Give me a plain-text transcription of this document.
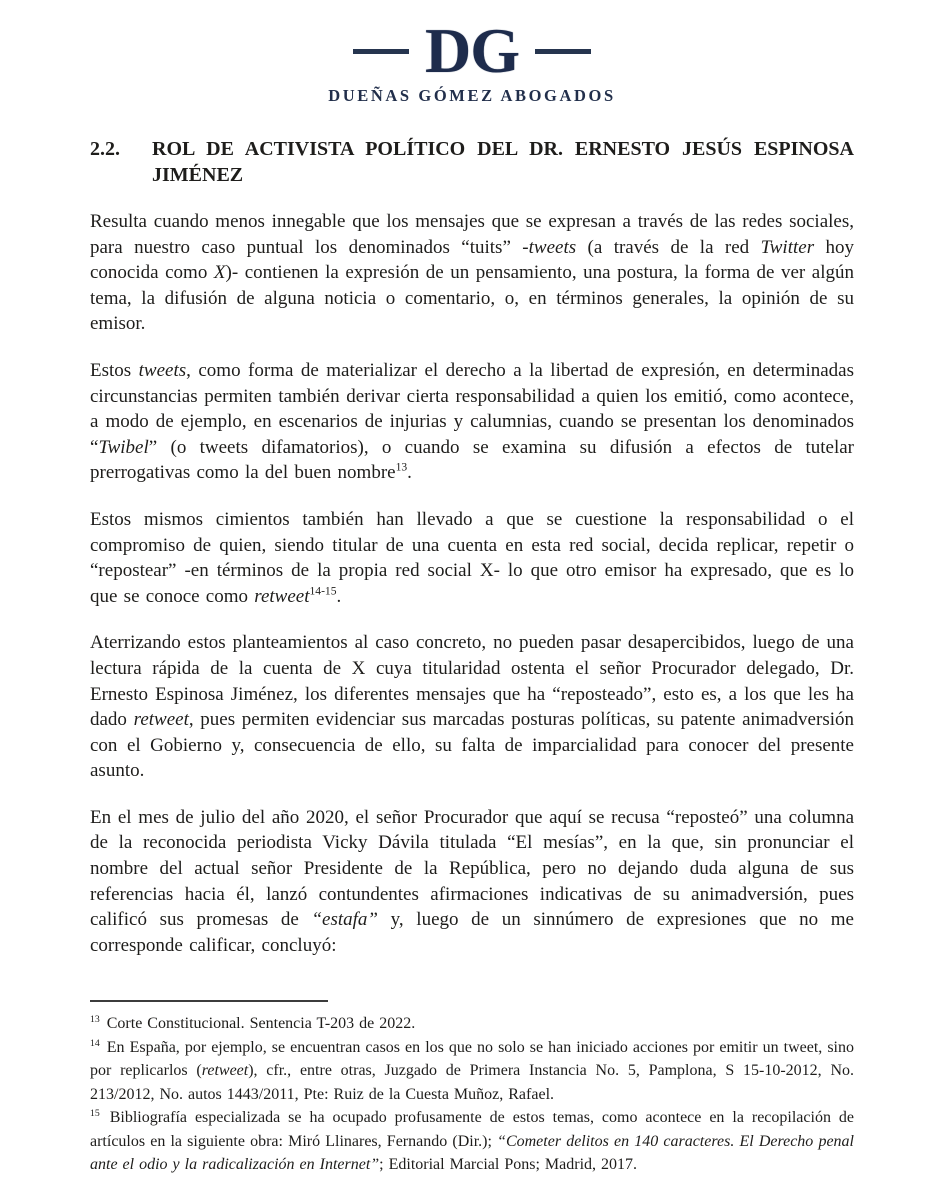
DG
DUEÑAS GÓMEZ ABOGADOS
2.2.	ROL DE ACTIVISTA POLÍTICO DEL DR. ERNESTO JESÚS ESPINOSA JIMÉNEZ

Resulta cuando menos innegable que los mensajes que se expresan a través de las redes sociales, para nuestro caso puntual los denominados “tuits” -tweets (a través de la red Twitter hoy conocida como X)- contienen la expresión de un pensamiento, una postura, la forma de ver algún tema, la difusión de alguna noticia o comentario, o, en términos generales, la opinión de su emisor.

Estos tweets, como forma de materializar el derecho a la libertad de expresión, en determinadas circunstancias permiten también derivar cierta responsabilidad a quien los emitió, como acontece, a modo de ejemplo, en escenarios de injurias y calumnias, cuando se presentan los denominados “Twibel” (o tweets difamatorios), o cuando se examina su difusión a efectos de tutelar prerrogativas como la del buen nombre$^{13}$.

Estos mismos cimientos también han llevado a que se cuestione la responsabilidad o el compromiso de quien, siendo titular de una cuenta en esta red social, decida replicar, repetir o “repostear” -en términos de la propia red social X- lo que otro emisor ha expresado, que es lo que se conoce como retweet$^{14-15}$.

Aterrizando estos planteamientos al caso concreto, no pueden pasar desapercibidos, luego de una lectura rápida de la cuenta de X cuya titularidad ostenta el señor Procurador delegado, Dr. Ernesto Espinosa Jiménez, los diferentes mensajes que ha “reposteado”, esto es, a los que les ha dado retweet, pues permiten evidenciar sus marcadas posturas políticas, su patente animadversión con el Gobierno y, consecuencia de ello, su falta de imparcialidad para conocer del presente asunto.

En el mes de julio del año 2020, el señor Procurador que aquí se recusa “reposteó” una columna de la reconocida periodista Vicky Dávila titulada “El mesías”, en la que, sin pronunciar el nombre del actual señor Presidente de la República, pero no dejando duda alguna de sus referencias hacia él, lanzó contundentes afirmaciones indicativas de su animadversión, pues calificó sus promesas de “estafa” y, luego de un sinnúmero de expresiones que no me corresponde calificar, concluyó:

$^{13}$ Corte Constitucional. Sentencia T-203 de 2022.
$^{14}$ En España, por ejemplo, se encuentran casos en los que no solo se han iniciado acciones por emitir un tweet, sino por replicarlos (retweet), cfr., entre otras, Juzgado de Primera Instancia No. 5, Pamplona, S 15-10-2012, No. 213/2012, No. autos 1443/2011, Pte: Ruiz de la Cuesta Muñoz, Rafael.
$^{15}$ Bibliografía especializada se ha ocupado profusamente de estos temas, como acontece en la recopilación de artículos en la siguiente obra: Miró Llinares, Fernando (Dir.); “Cometer delitos en 140 caracteres. El Derecho penal ante el odio y la radicalización en Internet”; Editorial Marcial Pons; Madrid, 2017.
